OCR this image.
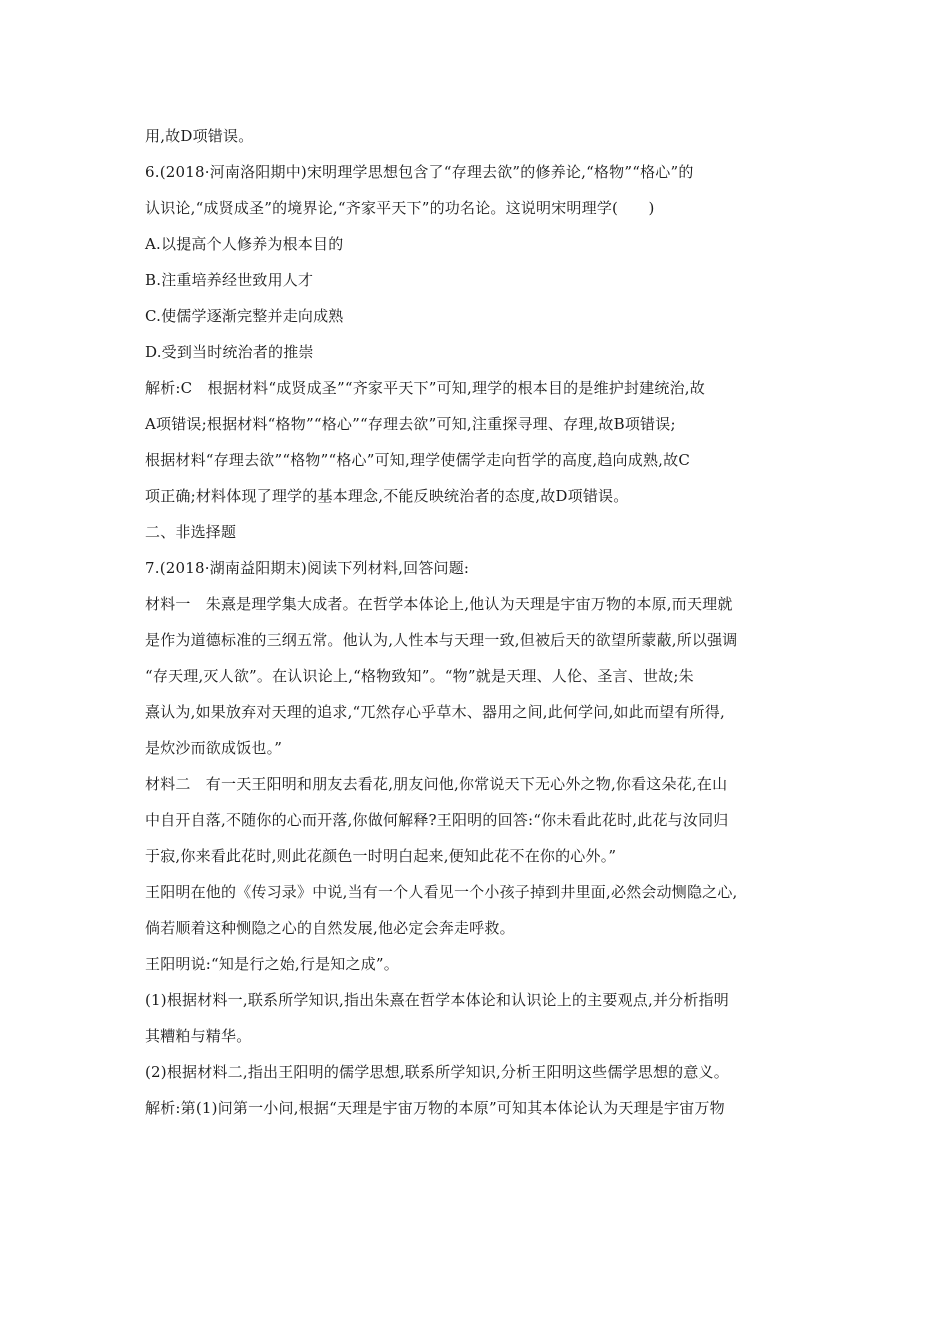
用,故D项错误。

6.(2018·河南洛阳期中)宋明理学思想包含了“存理去欲”的修养论,“格物”“格心”的

认识论,“成贤成圣”的境界论,“齐家平天下”的功名论。这说明宋明理学(　　)

A.以提高个人修养为根本目的

B.注重培养经世致用人才

C.使儒学逐渐完整并走向成熟

D.受到当时统治者的推崇

解析:C　根据材料“成贤成圣”“齐家平天下”可知,理学的根本目的是维护封建统治,故

A项错误;根据材料“格物”“格心”“存理去欲”可知,注重探寻理、存理,故B项错误;

根据材料“存理去欲”“格物”“格心”可知,理学使儒学走向哲学的高度,趋向成熟,故C

项正确;材料体现了理学的基本理念,不能反映统治者的态度,故D项错误。

二、非选择题

7.(2018·湖南益阳期末)阅读下列材料,回答问题:

材料一　朱熹是理学集大成者。在哲学本体论上,他认为天理是宇宙万物的本原,而天理就

是作为道德标准的三纲五常。他认为,人性本与天理一致,但被后天的欲望所蒙蔽,所以强调

“存天理,灭人欲”。在认识论上,“格物致知”。“物”就是天理、人伦、圣言、世故;朱

熹认为,如果放弃对天理的追求,“兀然存心乎草木、器用之间,此何学问,如此而望有所得,

是炊沙而欲成饭也。”

材料二　有一天王阳明和朋友去看花,朋友问他,你常说天下无心外之物,你看这朵花,在山

中自开自落,不随你的心而开落,你做何解释?王阳明的回答:“你未看此花时,此花与汝同归

于寂,你来看此花时,则此花颜色一时明白起来,便知此花不在你的心外。”

王阳明在他的《传习录》中说,当有一个人看见一个小孩子掉到井里面,必然会动恻隐之心,

倘若顺着这种恻隐之心的自然发展,他必定会奔走呼救。

王阳明说:“知是行之始,行是知之成”。

(1)根据材料一,联系所学知识,指出朱熹在哲学本体论和认识论上的主要观点,并分析指明

其糟粕与精华。

(2)根据材料二,指出王阳明的儒学思想,联系所学知识,分析王阳明这些儒学思想的意义。

解析:第(1)问第一小问,根据“天理是宇宙万物的本原”可知其本体论认为天理是宇宙万物
